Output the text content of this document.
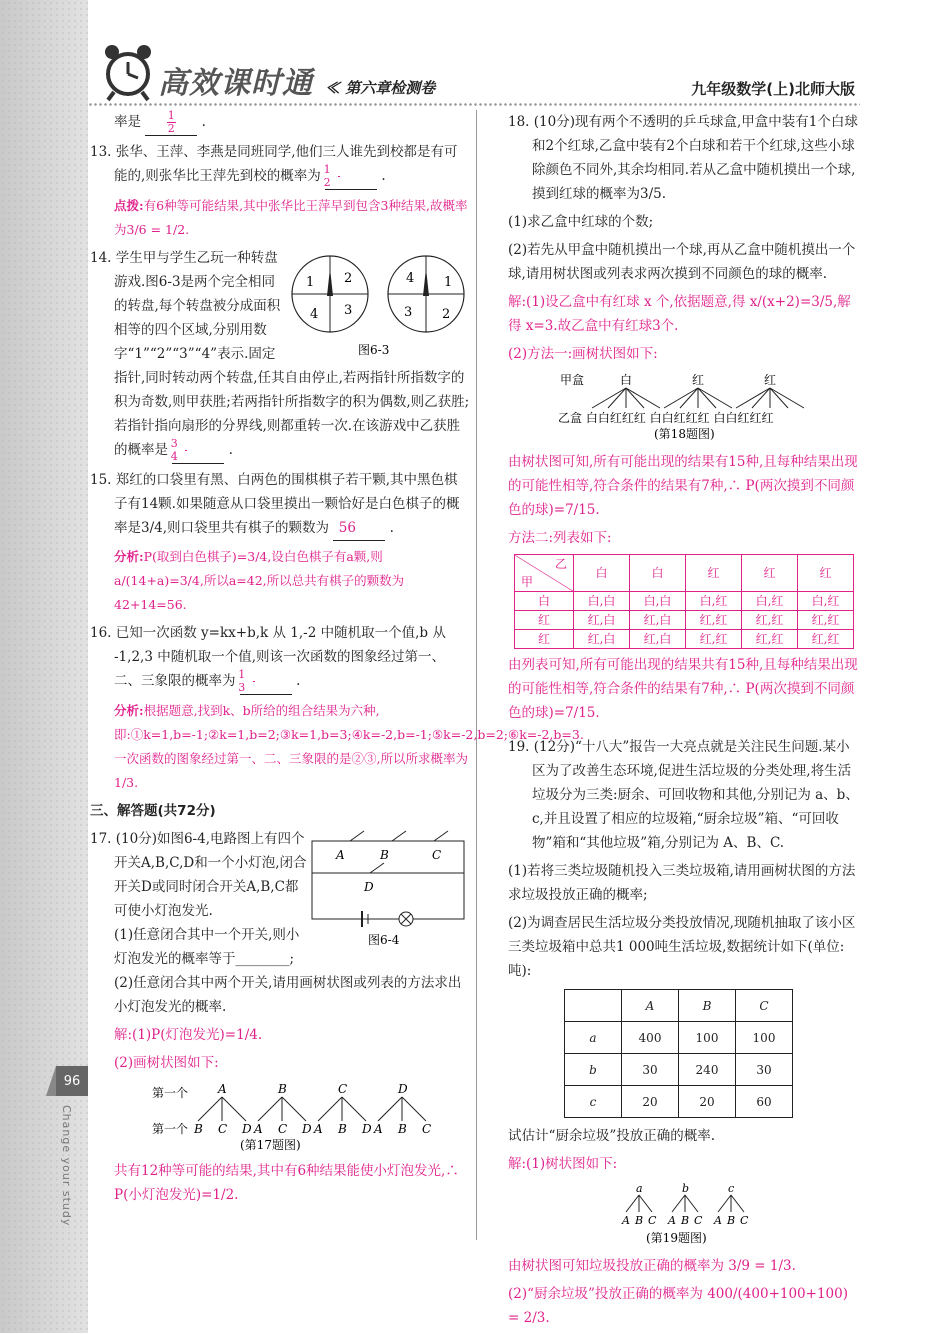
96
Change your study
高效课时通 ≪ 第六章检测卷	九年级数学(上)北师大版

率是 $\frac{1}{2}$ .

13. 张华、王萍、李燕是同班同学,他们三人谁先到校都是有可能的,则张华比王萍先到校的概率为 $\frac{1}{2}$	.

点拨:有6种等可能结果,其中张华比王萍早到包含3种结果,故概率为3/6 = 1/2.

2
1
3
4
4 1
3 2
图6-3

14. 学生甲与学生乙玩一种转盘游戏.图6-3是两个完全相同的转盘,每个转盘被分成面积相等的四个区域,分别用数字“1”“2”“3”“4”表示.固定指针,同时转动两个转盘,任其自由停止,若两指针所指数字的积为奇数,则甲获胜;若两指针所指数字的积为偶数,则乙获胜;若指针指向扇形的分界线,则都重转一次.在该游戏中乙获胜的概率是 $\frac{3}{4}$	.

15. 郑红的口袋里有黑、白两色的围棋棋子若干颗,其中黑色棋子有14颗.如果随意从口袋里摸出一颗恰好是白色棋子的概率是3/4,则口袋里共有棋子的颗数为 56 .

分析:P(取到白色棋子)=3/4,设白色棋子有a颗,则 a/(14+a)=3/4,所以a=42,所以总共有棋子的颗数为42+14=56.

16. 已知一次函数 y=kx+b,k 从 1,-2 中随机取一个值,b 从 -1,2,3 中随机取一个值,则该一次函数的图象经过第一、二、三象限的概率为 $\frac{1}{3}$	.

分析:根据题意,找到k、b所给的组合结果为六种,即:①k=1,b=-1;②k=1,b=2;③k=1,b=3;④k=-2,b=-1;⑤k=-2,b=2;⑥k=-2,b=3.一次函数的图象经过第一、二、三象限的是②③,所以所求概率为1/3.

三、解答题(共72分)

A	B	C
D
图6-4

17. (10分)如图6-4,电路图上有四个开关A,B,C,D和一个小灯泡,闭合开关D或同时闭合开关A,B,C都可使小灯泡发光.
(1)任意闭合其中一个开关,则小灯泡发光的概率等于________;
(2)任意闭合其中两个开关,请用画树状图或列表的方法求出小灯泡发光的概率.

解:(1)P(灯泡发光)=1/4.

(2)画树状图如下:

第一个 A	B	C	D
第一个 B C D A C D A B D A B C
(第17题图)

共有12种等可能的结果,其中有6种结果能使小灯泡发光,∴ P(小灯泡发光)=1/2.

18. (10分)现有两个不透明的乒乓球盒,甲盒中装有1个白球和2个红球,乙盒中装有2个白球和若干个红球,这些小球除颜色不同外,其余均相同.若从乙盒中随机摸出一个球,摸到红球的概率为3/5.

(1)求乙盒中红球的个数;

(2)若先从甲盒中随机摸出一个球,再从乙盒中随机摸出一个球,请用树状图或列表求两次摸到不同颜色的球的概率.

解:(1)设乙盒中有红球 x 个,依据题意,得 x/(x+2)=3/5,解得 x=3.故乙盒中有红球3个.

(2)方法一:画树状图如下:

甲盒	白	红	红
乙盒 白白红红红 白白红红红 白白红红红
(第18题图)

由树状图可知,所有可能出现的结果有15种,且每种结果出现的可能性相等,符合条件的结果有7种,∴ P(两次摸到不同颜色的球)=7/15.

方法二:列表如下:

乙
甲	白	白	红	红	红
白	白,白	白,白	白,红	白,红	白,红
红	红,白	红,白	红,红	红,红	红,红
红	红,白	红,白	红,红	红,红	红,红

由列表可知,所有可能出现的结果共有15种,且每种结果出现的可能性相等,符合条件的结果有7种,∴ P(两次摸到不同颜色的球)=7/15.

19. (12分)“十八大”报告一大亮点就是关注民生问题.某小区为了改善生态环境,促进生活垃圾的分类处理,将生活垃圾分为三类:厨余、可回收物和其他,分别记为 a、b、c,并且设置了相应的垃圾箱,“厨余垃圾”箱、“可回收物”箱和“其他垃圾”箱,分别记为 A、B、C.

(1)若将三类垃圾随机投入三类垃圾箱,请用画树状图的方法求垃圾投放正确的概率;

(2)为调查居民生活垃圾分类投放情况,现随机抽取了该小区三类垃圾箱中总共1 000吨生活垃圾,数据统计如下(单位:吨):

	A	B	C
a	400	100	100
b	30	240	30
c	20	20	60

试估计“厨余垃圾”投放正确的概率.

解:(1)树状图如下:

a	b	c
A B C A B C A B C
(第19题图)

由树状图可知垃圾投放正确的概率为 3/9 = 1/3.

(2)“厨余垃圾”投放正确的概率为 400/(400+100+100) = 2/3.
